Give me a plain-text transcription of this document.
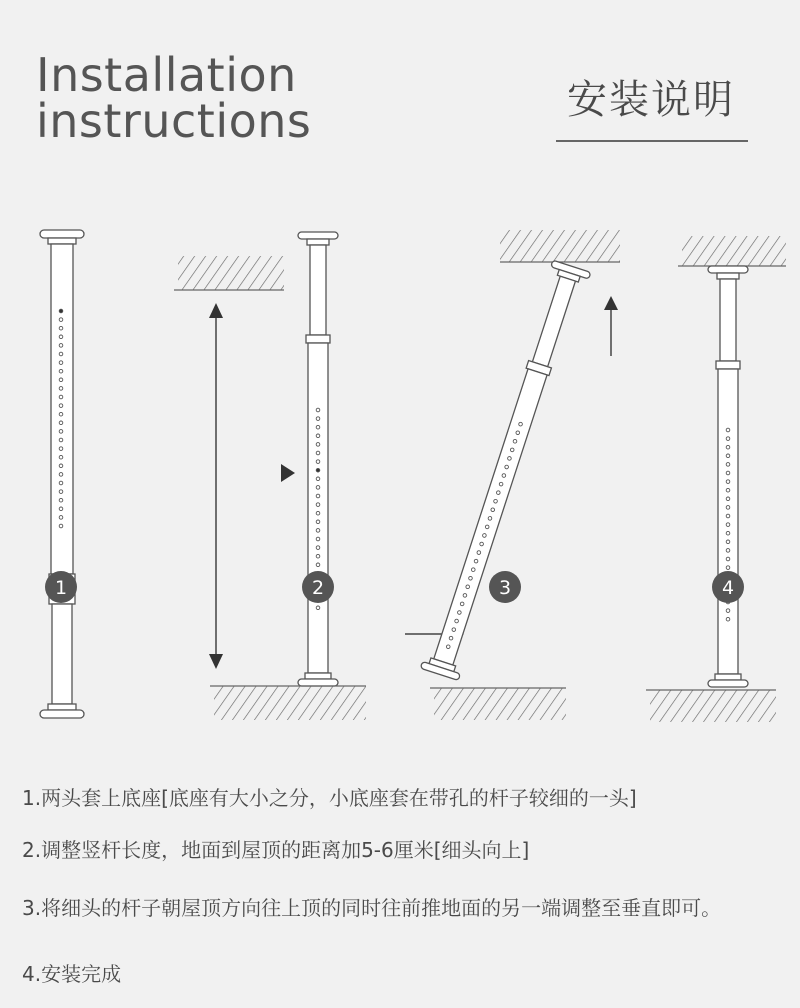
Installation
instructions	安装说明
1	2	3	4
1.两头套上底座[底座有大小之分，小底座套在带孔的杆子较细的一头]
2.调整竖杆长度，地面到屋顶的距离加5-6厘米[细头向上]
3.将细头的杆子朝屋顶方向往上顶的同时往前推地面的另一端调整至垂直即可。
4.安装完成
